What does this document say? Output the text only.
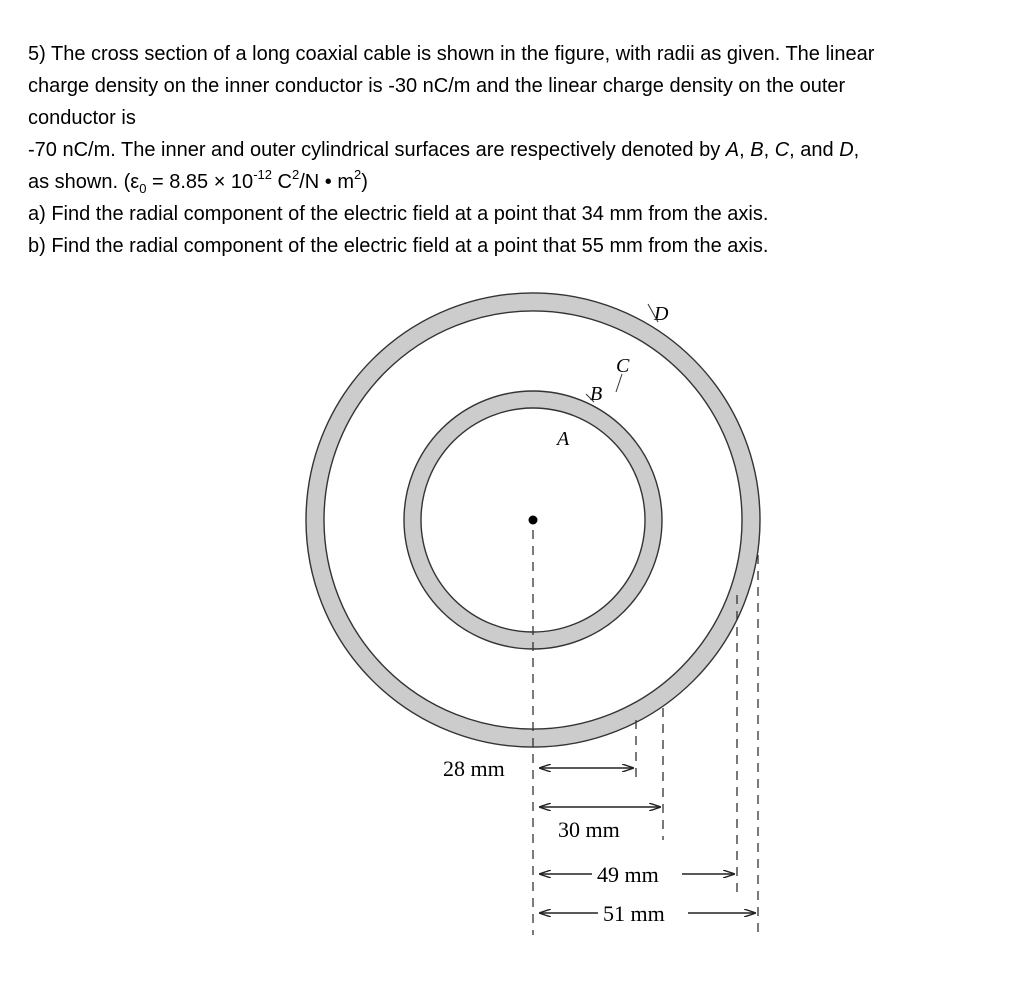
5) The cross section of a long coaxial cable is shown in the figure, with radii as given. The linear
charge density on the inner conductor is -30 nC/m and the linear charge density on the outer
conductor is
-70 nC/m. The inner and outer cylindrical surfaces are respectively denoted by A, B, C, and D,
as shown. ($\varepsilon_0 = 8.85 \times 10^{-12}$ $C^2/N$ • $m^2$)
a) Find the radial component of the electric field at a point that 34 mm from the axis.
b) Find the radial component of the electric field at a point that 55 mm from the axis.
A
B
C
D
28 mm
30 mm
49 mm
51 mm
